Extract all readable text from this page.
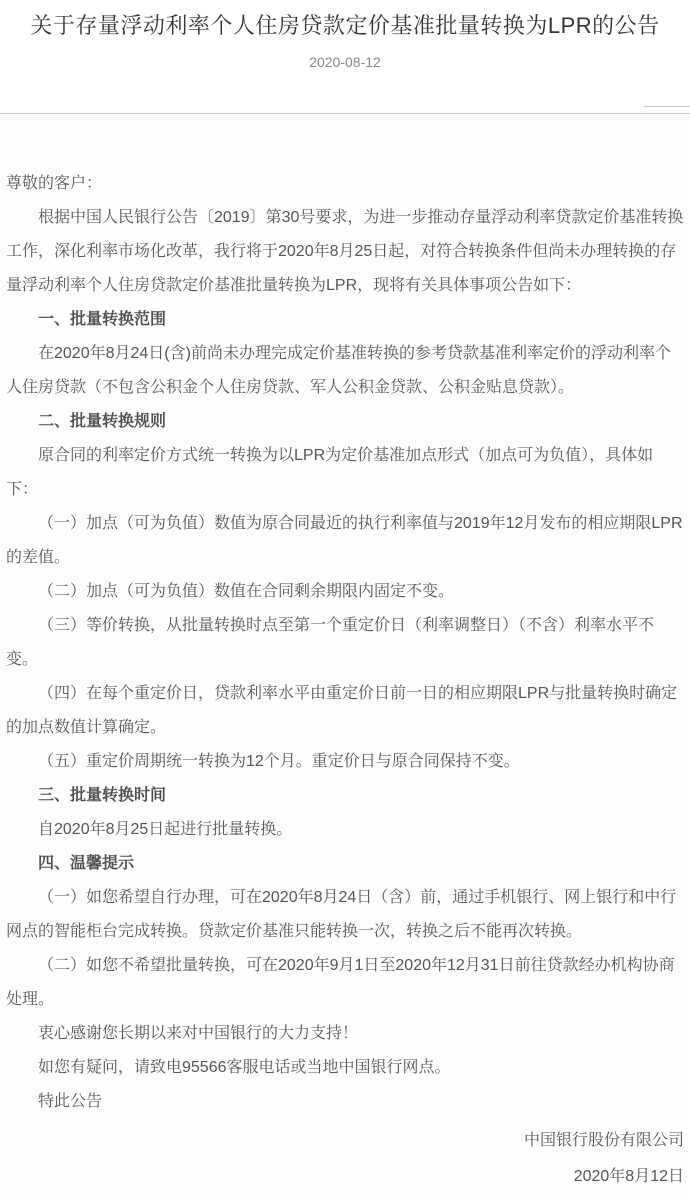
关于存量浮动利率个人住房贷款定价基准批量转换为LPR的公告
2020-08-12

尊敬的客户：

根据中国人民银行公告〔2019〕第30号要求，为进一步推动存量浮动利率贷款定价基准转换工作，深化利率市场化改革，我行将于2020年8月25日起，对符合转换条件但尚未办理转换的存量浮动利率个人住房贷款定价基准批量转换为LPR，现将有关具体事项公告如下：

一、批量转换范围

在2020年8月24日(含)前尚未办理完成定价基准转换的参考贷款基准利率定价的浮动利率个人住房贷款（不包含公积金个人住房贷款、军人公积金贷款、公积金贴息贷款）。

二、批量转换规则

原合同的利率定价方式统一转换为以LPR为定价基准加点形式（加点可为负值），具体如下：

（一）加点（可为负值）数值为原合同最近的执行利率值与2019年12月发布的相应期限LPR的差值。

（二）加点（可为负值）数值在合同剩余期限内固定不变。

（三）等价转换，从批量转换时点至第一个重定价日（利率调整日）（不含）利率水平不变。

（四）在每个重定价日，贷款利率水平由重定价日前一日的相应期限LPR与批量转换时确定的加点数值计算确定。

（五）重定价周期统一转换为12个月。重定价日与原合同保持不变。

三、批量转换时间

自2020年8月25日起进行批量转换。

四、温馨提示

（一）如您希望自行办理，可在2020年8月24日（含）前，通过手机银行、网上银行和中行网点的智能柜台完成转换。贷款定价基准只能转换一次，转换之后不能再次转换。

（二）如您不希望批量转换，可在2020年9月1日至2020年12月31日前往贷款经办机构协商处理。

衷心感谢您长期以来对中国银行的大力支持！

如您有疑问，请致电95566客服电话或当地中国银行网点。

特此公告

中国银行股份有限公司

2020年8月12日
